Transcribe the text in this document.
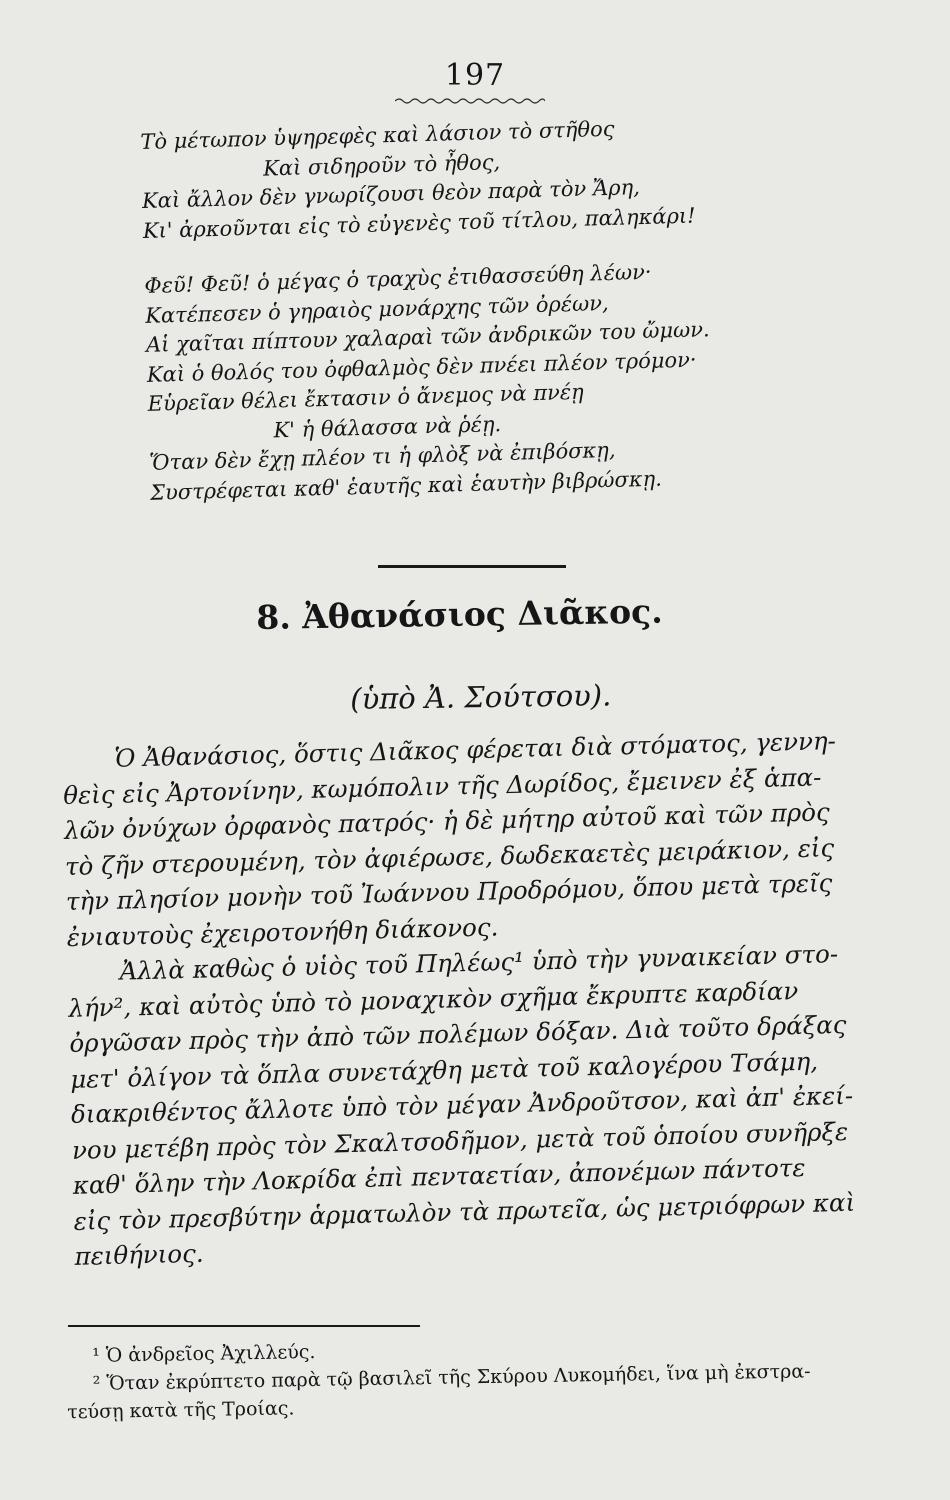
197
Τὸ μέτωπον ὑψηρεφὲς καὶ λάσιον τὸ στῆθος
Καὶ σιδηροῦν τὸ ἦθος,
Καὶ ἄλλον δὲν γνωρίζουσι θεὸν παρὰ τὸν Ἄρη,
Κι' ἀρκοῦνται εἰς τὸ εὐγενὲς τοῦ τίτλου, παληκάρι!
Φεῦ! Φεῦ! ὁ μέγας ὁ τραχὺς ἐτιθασσεύθη λέων·
Κατέπεσεν ὁ γηραιὸς μονάρχης τῶν ὀρέων,
Αἱ χαῖται πίπτουν χαλαραὶ τῶν ἀνδρικῶν του ὤμων.
Καὶ ὁ θολός του ὀφθαλμὸς δὲν πνέει πλέον τρόμον·
Εὑρεῖαν θέλει ἔκτασιν ὁ ἄνεμος νὰ πνέῃ
Κ' ἡ θάλασσα νὰ ῥέῃ.
Ὅταν δὲν ἔχῃ πλέον τι ἡ φλὸξ νὰ ἐπιβόσκῃ,
Συστρέφεται καθ' ἑαυτῆς καὶ ἑαυτὴν βιβρώσκῃ.
8. Ἀθανάσιος Διᾶκος.
(ὑπὸ Ἀ. Σούτσου).
Ὁ Ἀθανάσιος, ὅστις Διᾶκος φέρεται διὰ στόματος, γεννη-
θεὶς εἰς Ἀρτονίνην, κωμόπολιν τῆς Δωρίδος, ἔμεινεν ἐξ ἁπα-
λῶν ὀνύχων ὀρφανὸς πατρός· ἡ δὲ μήτηρ αὐτοῦ καὶ τῶν πρὸς
τὸ ζῆν στερουμένη, τὸν ἀφιέρωσε, δωδεκαετὲς μειράκιον, εἰς
τὴν πλησίον μονὴν τοῦ Ἰωάννου Προδρόμου, ὅπου μετὰ τρεῖς
ἐνιαυτοὺς ἐχειροτονήθη διάκονος.
Ἀλλὰ καθὼς ὁ υἱὸς τοῦ Πηλέως¹ ὑπὸ τὴν γυναικείαν στο-
λήν², καὶ αὐτὸς ὑπὸ τὸ μοναχικὸν σχῆμα ἔκρυπτε καρδίαν
ὀργῶσαν πρὸς τὴν ἀπὸ τῶν πολέμων δόξαν. Διὰ τοῦτο δράξας
μετ' ὀλίγον τὰ ὅπλα συνετάχθη μετὰ τοῦ καλογέρου Τσάμη,
διακριθέντος ἄλλοτε ὑπὸ τὸν μέγαν Ἀνδροῦτσον, καὶ ἀπ' ἐκεί-
νου μετέβη πρὸς τὸν Σκαλτσοδῆμον, μετὰ τοῦ ὁποίου συνῆρξε
καθ' ὅλην τὴν Λοκρίδα ἐπὶ πενταετίαν, ἀπονέμων πάντοτε
εἰς τὸν πρεσβύτην ἁρματωλὸν τὰ πρωτεῖα, ὡς μετριόφρων καὶ
πειθήνιος.
¹ Ὁ ἀνδρεῖος Ἀχιλλεύς.
² Ὅταν ἐκρύπτετο παρὰ τῷ βασιλεῖ τῆς Σκύρου Λυκομήδει, ἵνα μὴ ἐκστρα-
τεύσῃ κατὰ τῆς Τροίας.
